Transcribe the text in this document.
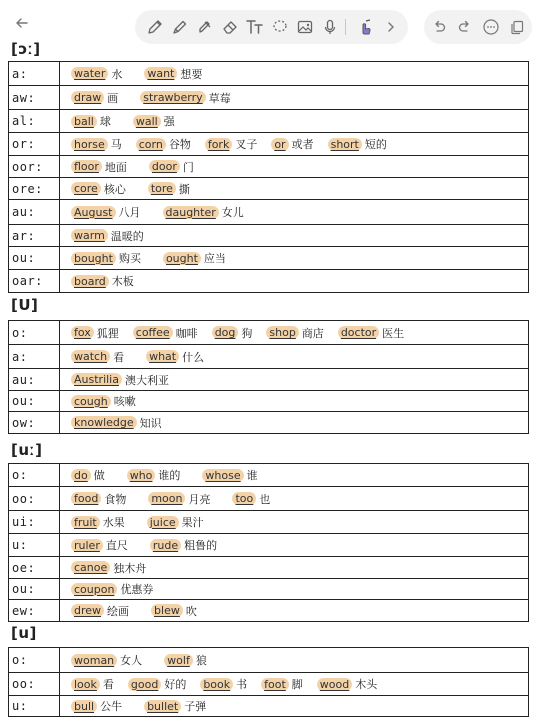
[ɔː]
a:	water 水 want 想要
aw:	draw 画 strawberry 草莓
al:	ball 球 wall 强
or:	horse 马 corn 谷物 fork 叉子 or 或者 short 短的
oor:	floor 地面 door 门
ore:	core 核心 tore 撕
au:	August 八月 daughter 女儿
ar:	warm 温暖的
ou:	bought 购买 ought 应当
oar:	board 木板
[U]
o:	fox 狐狸 coffee 咖啡 dog 狗 shop 商店 doctor 医生
a:	watch 看 what 什么
au:	Austrilia 澳大利亚
ou:	cough 咳嗽
ow:	knowledge 知识
[uː]
o:	do 做 who 谁的 whose 谁
oo:	food 食物 moon 月亮 too 也
ui:	fruit 水果 juice 果汁
u:	ruler 直尺 rude 粗鲁的
oe:	canoe 独木舟
ou:	coupon 优惠券
ew:	drew 绘画 blew 吹
[u]
o:	woman 女人 wolf 狼
oo:	look 看 good 好的 book 书 foot 脚 wood 木头
u:	bull 公牛 bullet 子弹
